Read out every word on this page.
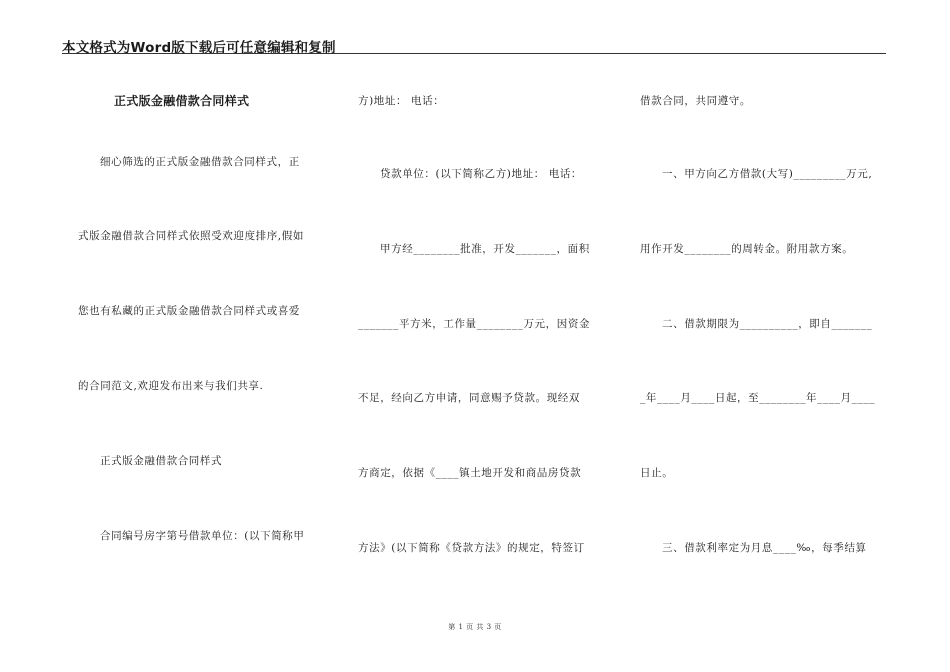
本文格式为Word版下载后可任意编辑和复制
正式版金融借款合同样式
细心筛选的正式版金融借款合同样式，正
式版金融借款合同样式依照受欢迎度排序,假如
您也有私藏的正式版金融借款合同样式或喜爱
的合同范文,欢迎发布出来与我们共享.
正式版金融借款合同样式
合同编号房字第号借款单位：(以下简称甲
方)地址： 电话：
贷款单位：(以下简称乙方)地址： 电话：
甲方经________批准，开发_______，面积
_______平方米，工作量________万元，因资金
不足，经向乙方申请，同意赐予贷款。现经双
方商定，依据《____镇土地开发和商品房贷款
方法》(以下简称《贷款方法》的规定，特签订
借款合同，共同遵守。
一、甲方向乙方借款(大写)_________万元,
用作开发________的周转金。附用款方案。
二、借款期限为__________，即自_______
_年____月____日起，至________年____月____
日止。
三、借款利率定为月息____‰，每季结算
第 1 页 共 3 页
